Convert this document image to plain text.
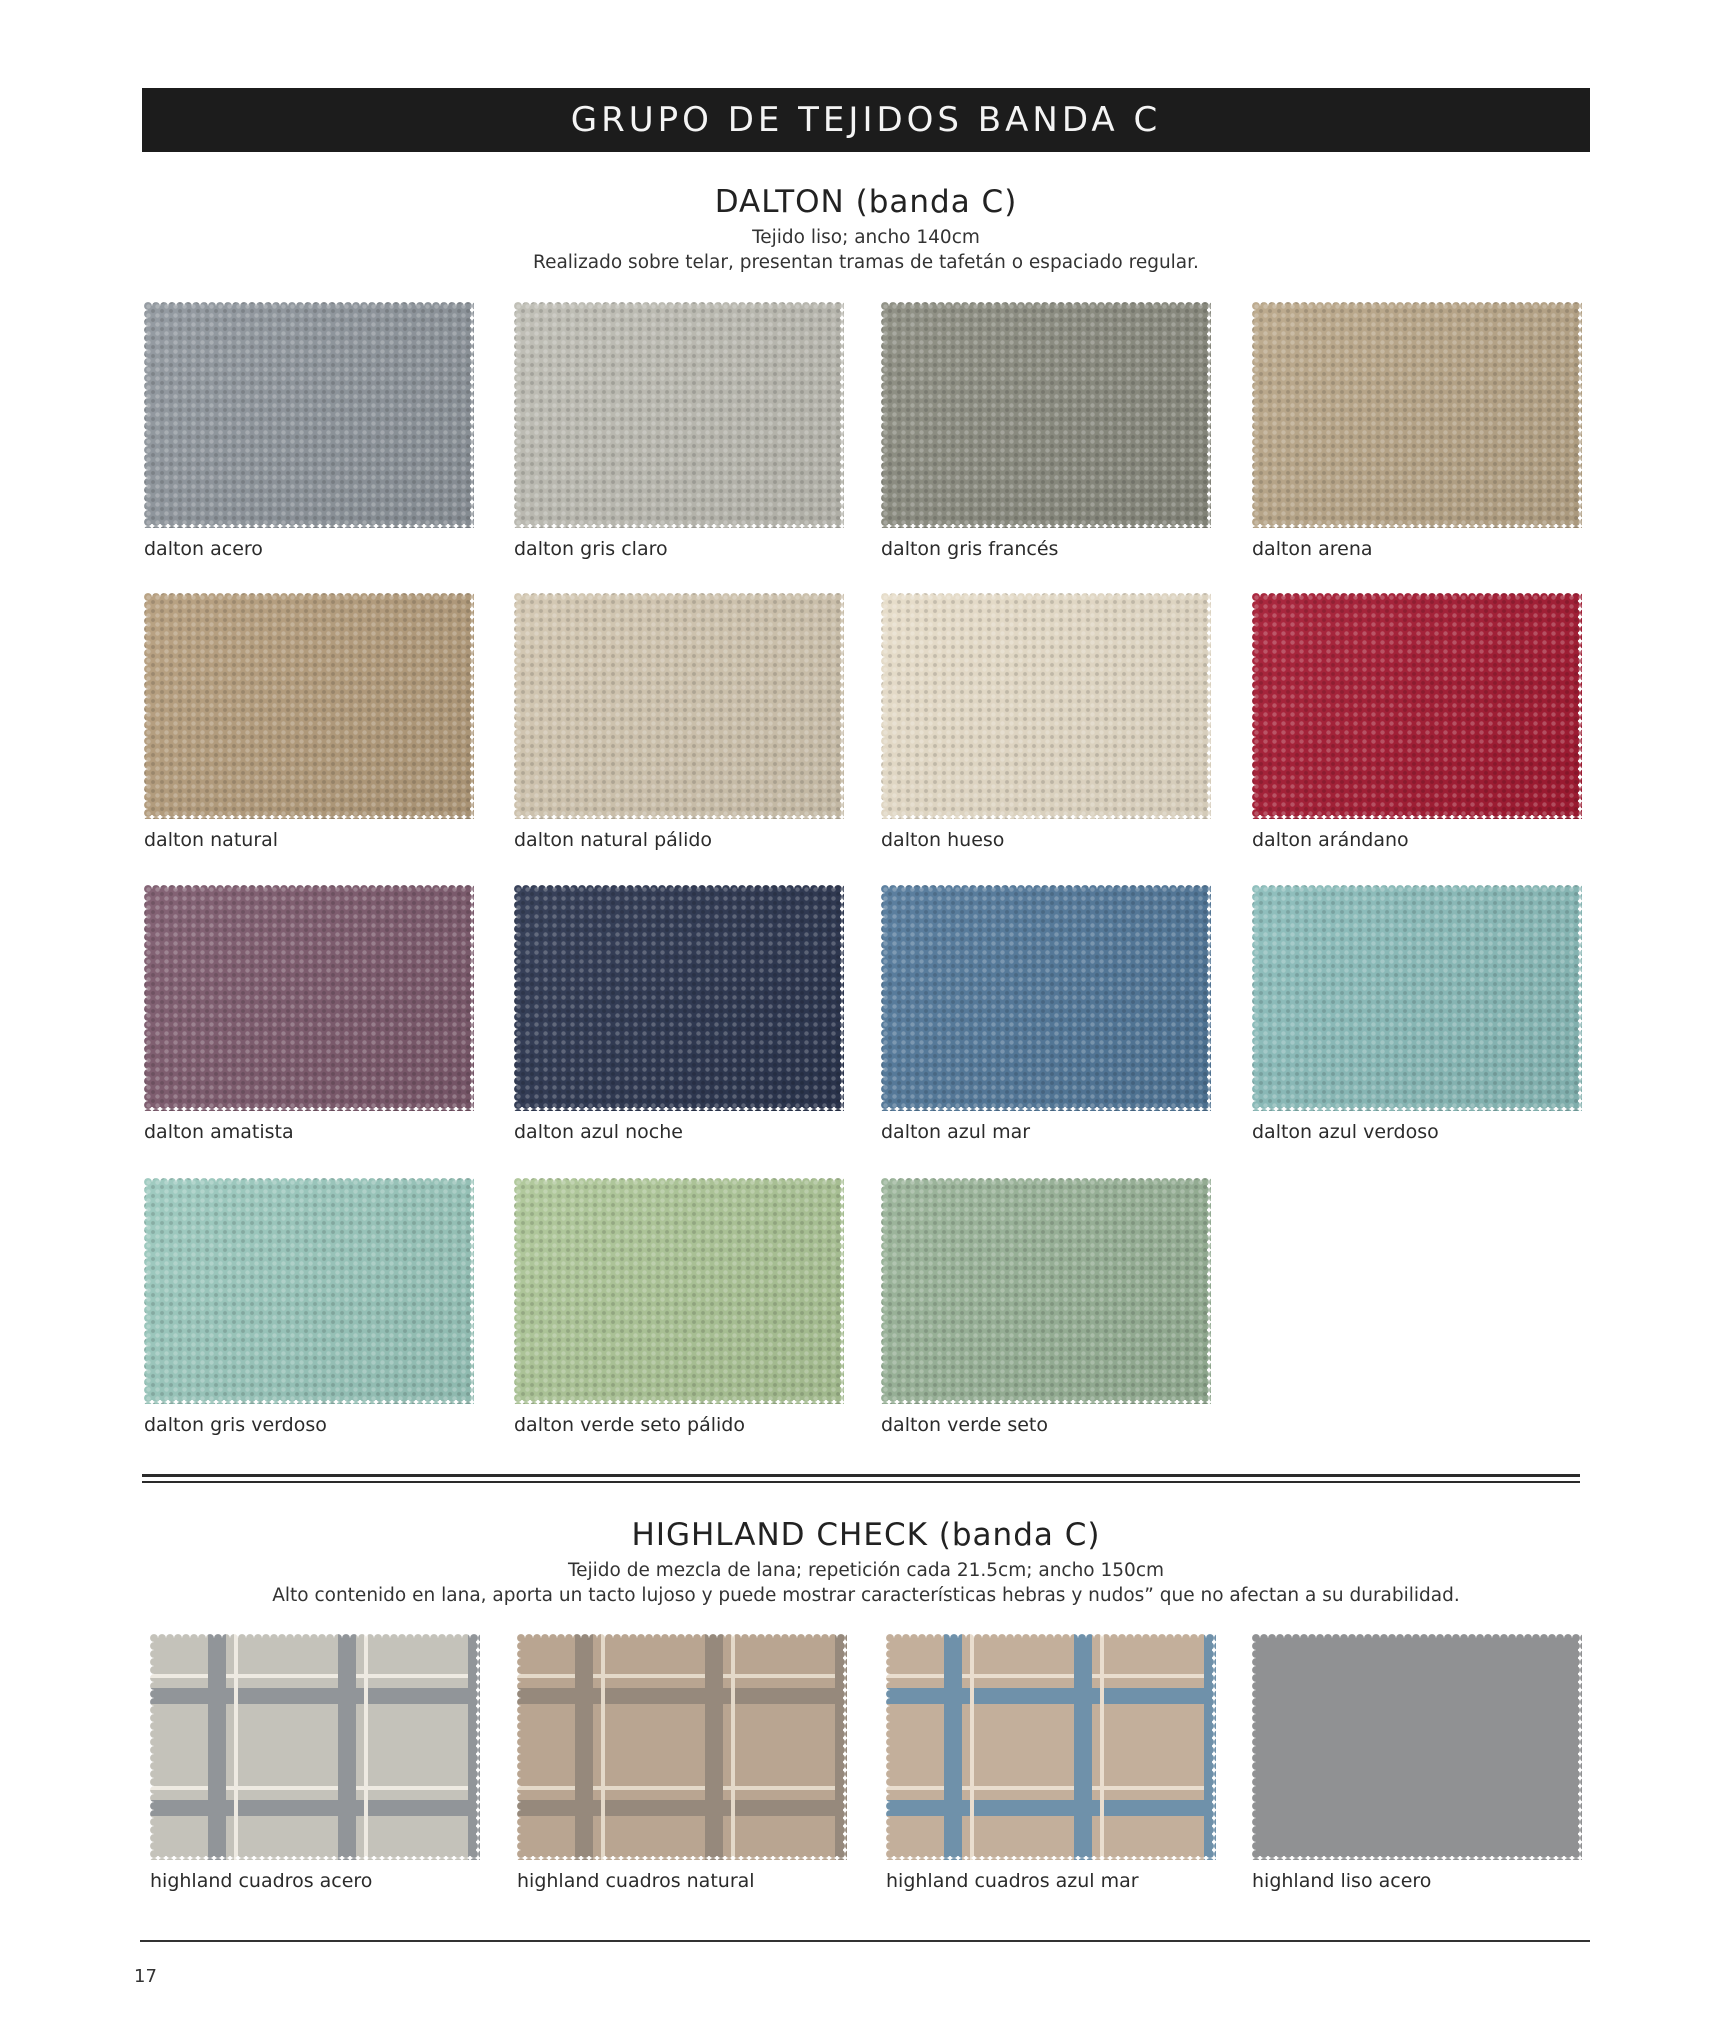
GRUPO DE TEJIDOS BANDA C
DALTON (banda C)
Tejido liso; ancho 140cm
Realizado sobre telar, presentan tramas de tafetán o espaciado regular.
dalton acero	dalton gris claro	dalton gris francés	dalton arena
dalton natural	dalton natural pálido	dalton hueso	dalton arándano
dalton amatista	dalton azul noche	dalton azul mar	dalton azul verdoso
dalton gris verdoso	dalton verde seto pálido	dalton verde seto
HIGHLAND CHECK (banda C)
Tejido de mezcla de lana; repetición cada 21.5cm; ancho 150cm
Alto contenido en lana, aporta un tacto lujoso y puede mostrar características hebras y nudos” que no afectan a su durabilidad.
highland cuadros acero	highland cuadros natural	highland cuadros azul mar	highland liso acero
17
